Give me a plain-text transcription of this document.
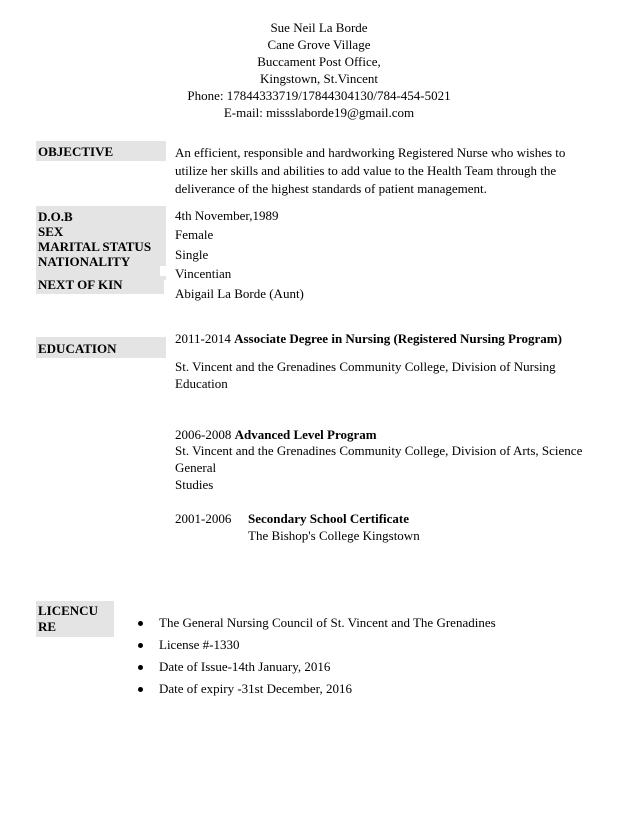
Sue Neil La Borde
Cane Grove Village
Buccament Post Office,
Kingstown, St.Vincent
Phone: 17844333719/17844304130/784-454-5021
E-mail: missslaborde19@gmail.com
OBJECTIVE	An efficient, responsible and hardworking Registered Nurse who wishes to
utilize her skills and abilities to add value to the Health Team through the
deliverance of the highest standards of patient management.
D.O.B
SEX
MARITAL STATUS
NATIONALITY
NEXT OF KIN
4th November,1989
Female
Single
Vincentian
Abigail La Borde (Aunt)
EDUCATION
2011-2014 Associate Degree in Nursing (Registered Nursing Program)
St. Vincent and the Grenadines Community College, Division of Nursing
Education
2006-2008 Advanced Level Program
St. Vincent and the Grenadines Community College, Division of Arts, Science
General
Studies
2001-2006 Secondary School Certificate
The Bishop's College Kingstown
LICENCU
RE	The General Nursing Council of St. Vincent and The Grenadines
License #-1330
Date of Issue-14th January, 2016
Date of expiry -31st December, 2016
